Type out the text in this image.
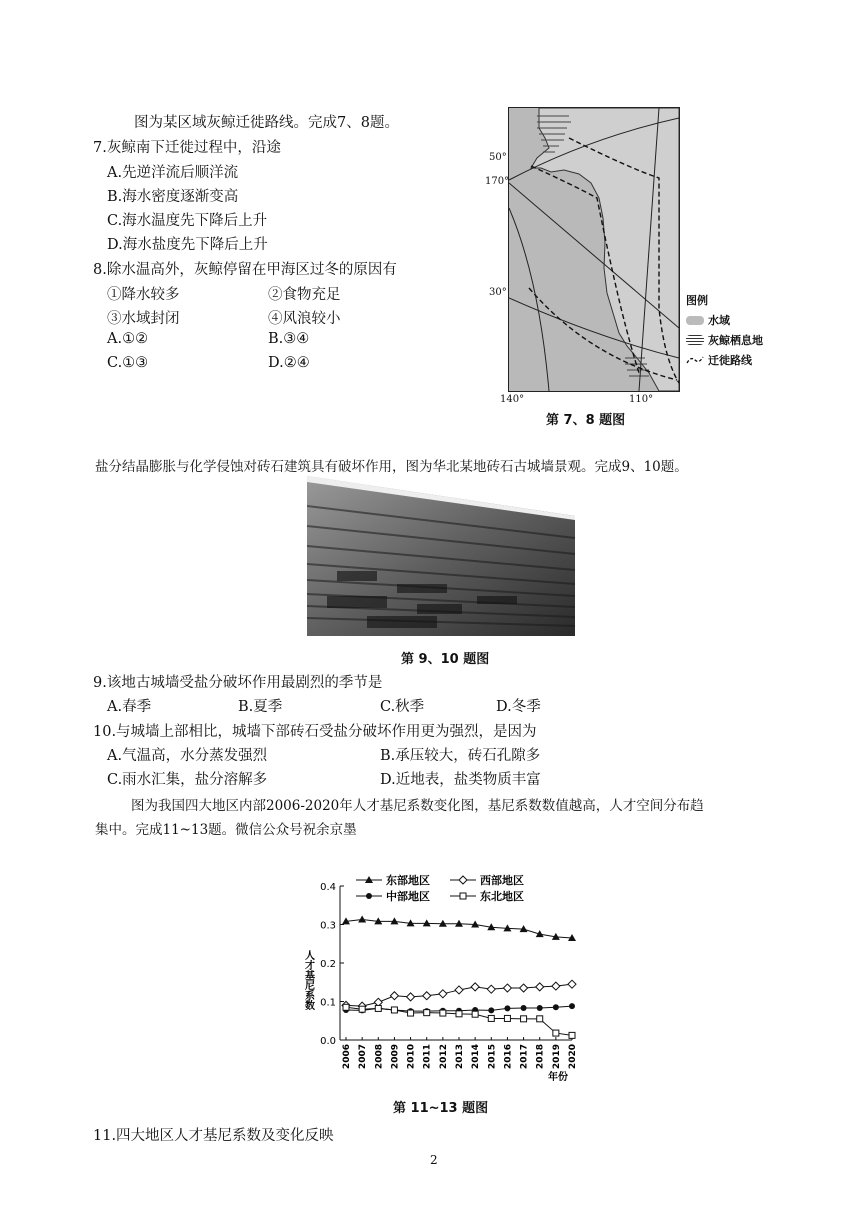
图为某区域灰鲸迁徙路线。完成7、8题。
7.灰鲸南下迁徙过程中，沿途
A.先逆洋流后顺洋流
B.海水密度逐渐变高
C.海水温度先下降后上升
D.海水盐度先下降后上升
8.除水温高外，灰鲸停留在甲海区过冬的原因有
①降水较多	②食物充足
③水域封闭	④风浪较小
A.①②	B.③④
C.①③	D.②④
50°
170°
30°
140°	110°
图例
水域
灰鲸栖息地
迁徙路线
第 7、8 题图
盐分结晶膨胀与化学侵蚀对砖石建筑具有破坏作用，图为华北某地砖石古城墙景观。完成9、10题。
第 9、10 题图
9.该地古城墙受盐分破坏作用最剧烈的季节是
A.春季	B.夏季	C.秋季	D.冬季
10.与城墙上部相比，城墙下部砖石受盐分破坏作用更为强烈，是因为
A.气温高，水分蒸发强烈	B.承压较大，砖石孔隙多
C.雨水汇集，盐分溶解多	D.近地表，盐类物质丰富
图为我国四大地区内部2006-2020年人才基尼系数变化图，基尼系数数值越高，人才空间分布趋
集中。完成11~13题。微信公众号祝余京墨
0.0
0.1
0.2
0.3
0.4
2006 2007 2008 2009 2010 2011 2012 2013 2014 2015 2016 2017 2018 2019 2020
人才基尼系数
年份
东部地区	西部地区
中部地区	东北地区
第 11~13 题图
11.四大地区人才基尼系数及变化反映
2
